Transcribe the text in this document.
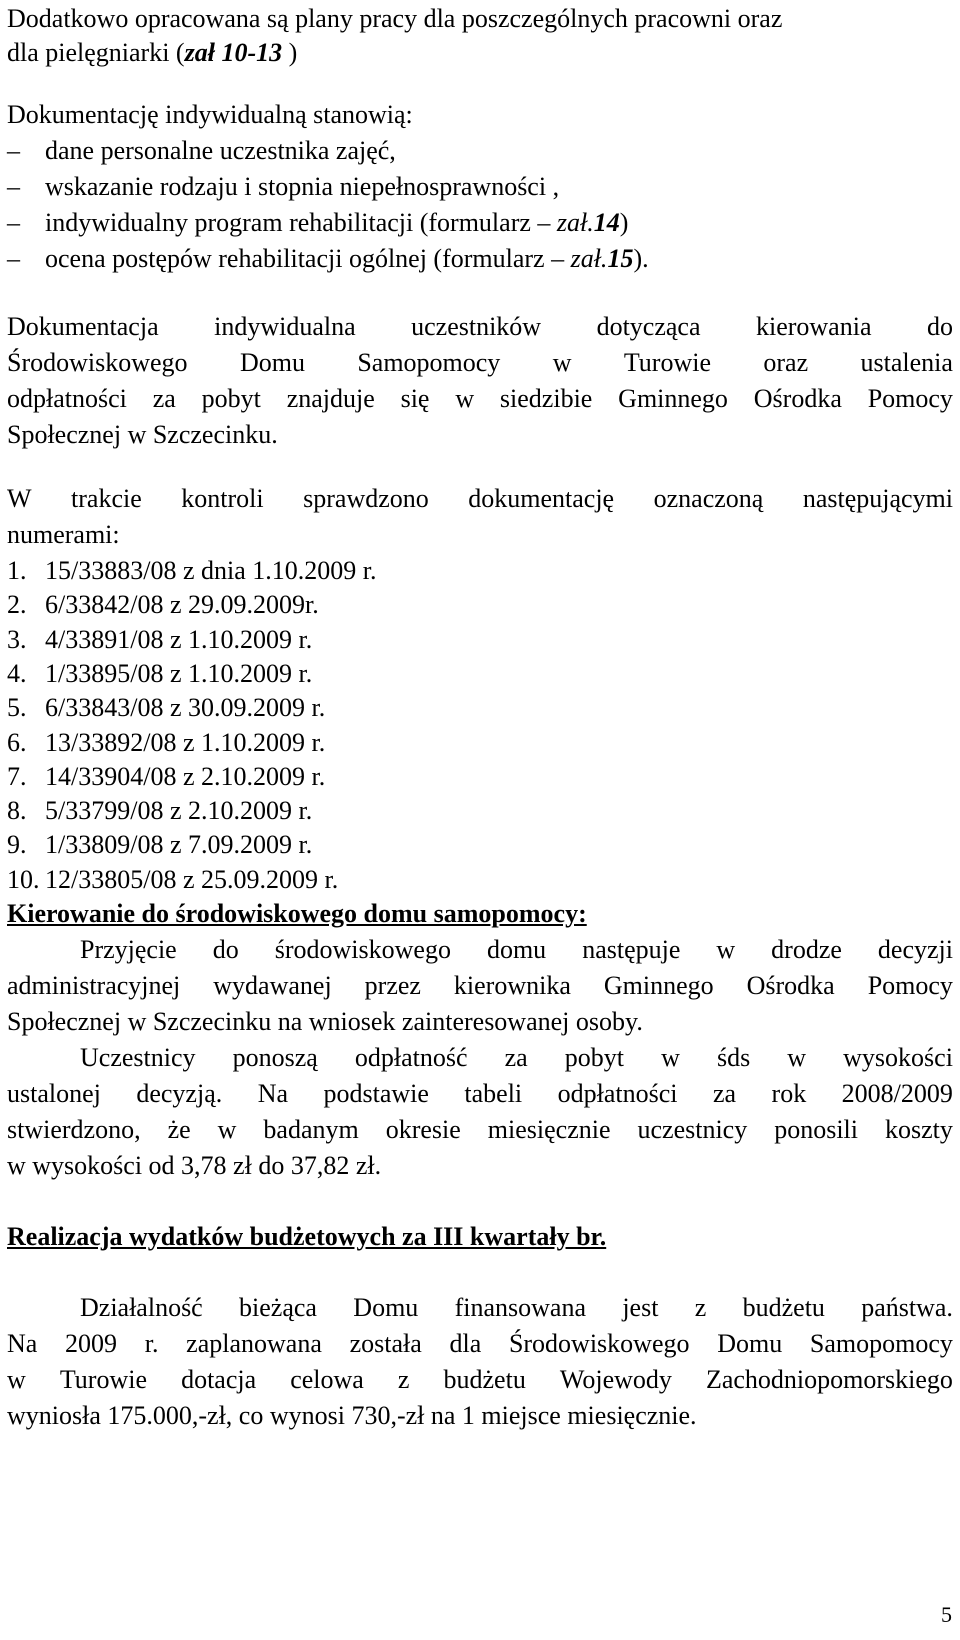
Dodatkowo opracowana są plany pracy dla poszczególnych pracowni oraz
dla pielęgniarki (zał 10-13 )
Dokumentację indywidualną stanowią:
– dane personalne uczestnika zajęć,
– wskazanie rodzaju i stopnia niepełnosprawności ,
– indywidualny program rehabilitacji (formularz – zał.14)
– ocena postępów rehabilitacji ogólnej (formularz – zał.15).
Dokumentacja indywidualna uczestników dotycząca kierowania do
Środowiskowego Domu Samopomocy w Turowie oraz ustalenia
odpłatności za pobyt znajduje się w siedzibie Gminnego Ośrodka Pomocy
Społecznej w Szczecinku.
W trakcie kontroli sprawdzono dokumentację oznaczoną następującymi
numerami:
1. 15/33883/08 z dnia 1.10.2009 r.
2. 6/33842/08 z 29.09.2009r.
3. 4/33891/08 z 1.10.2009 r.
4. 1/33895/08 z 1.10.2009 r.
5. 6/33843/08 z 30.09.2009 r.
6. 13/33892/08 z 1.10.2009 r.
7. 14/33904/08 z 2.10.2009 r.
8. 5/33799/08 z 2.10.2009 r.
9. 1/33809/08 z 7.09.2009 r.
10. 12/33805/08 z 25.09.2009 r.
Kierowanie do środowiskowego domu samopomocy:
Przyjęcie do środowiskowego domu następuje w drodze decyzji
administracyjnej wydawanej przez kierownika Gminnego Ośrodka Pomocy
Społecznej w Szczecinku na wniosek zainteresowanej osoby.
Uczestnicy ponoszą odpłatność za pobyt w śds w wysokości
ustalonej decyzją. Na podstawie tabeli odpłatności za rok 2008/2009
stwierdzono, że w badanym okresie miesięcznie uczestnicy ponosili koszty
w wysokości od 3,78 zł do 37,82 zł.
Realizacja wydatków budżetowych za III kwartały br.
Działalność bieżąca Domu finansowana jest z budżetu państwa.
Na 2009 r. zaplanowana została dla Środowiskowego Domu Samopomocy
w Turowie dotacja celowa z budżetu Wojewody Zachodniopomorskiego
wyniosła 175.000,-zł, co wynosi 730,-zł na 1 miejsce miesięcznie.
5
